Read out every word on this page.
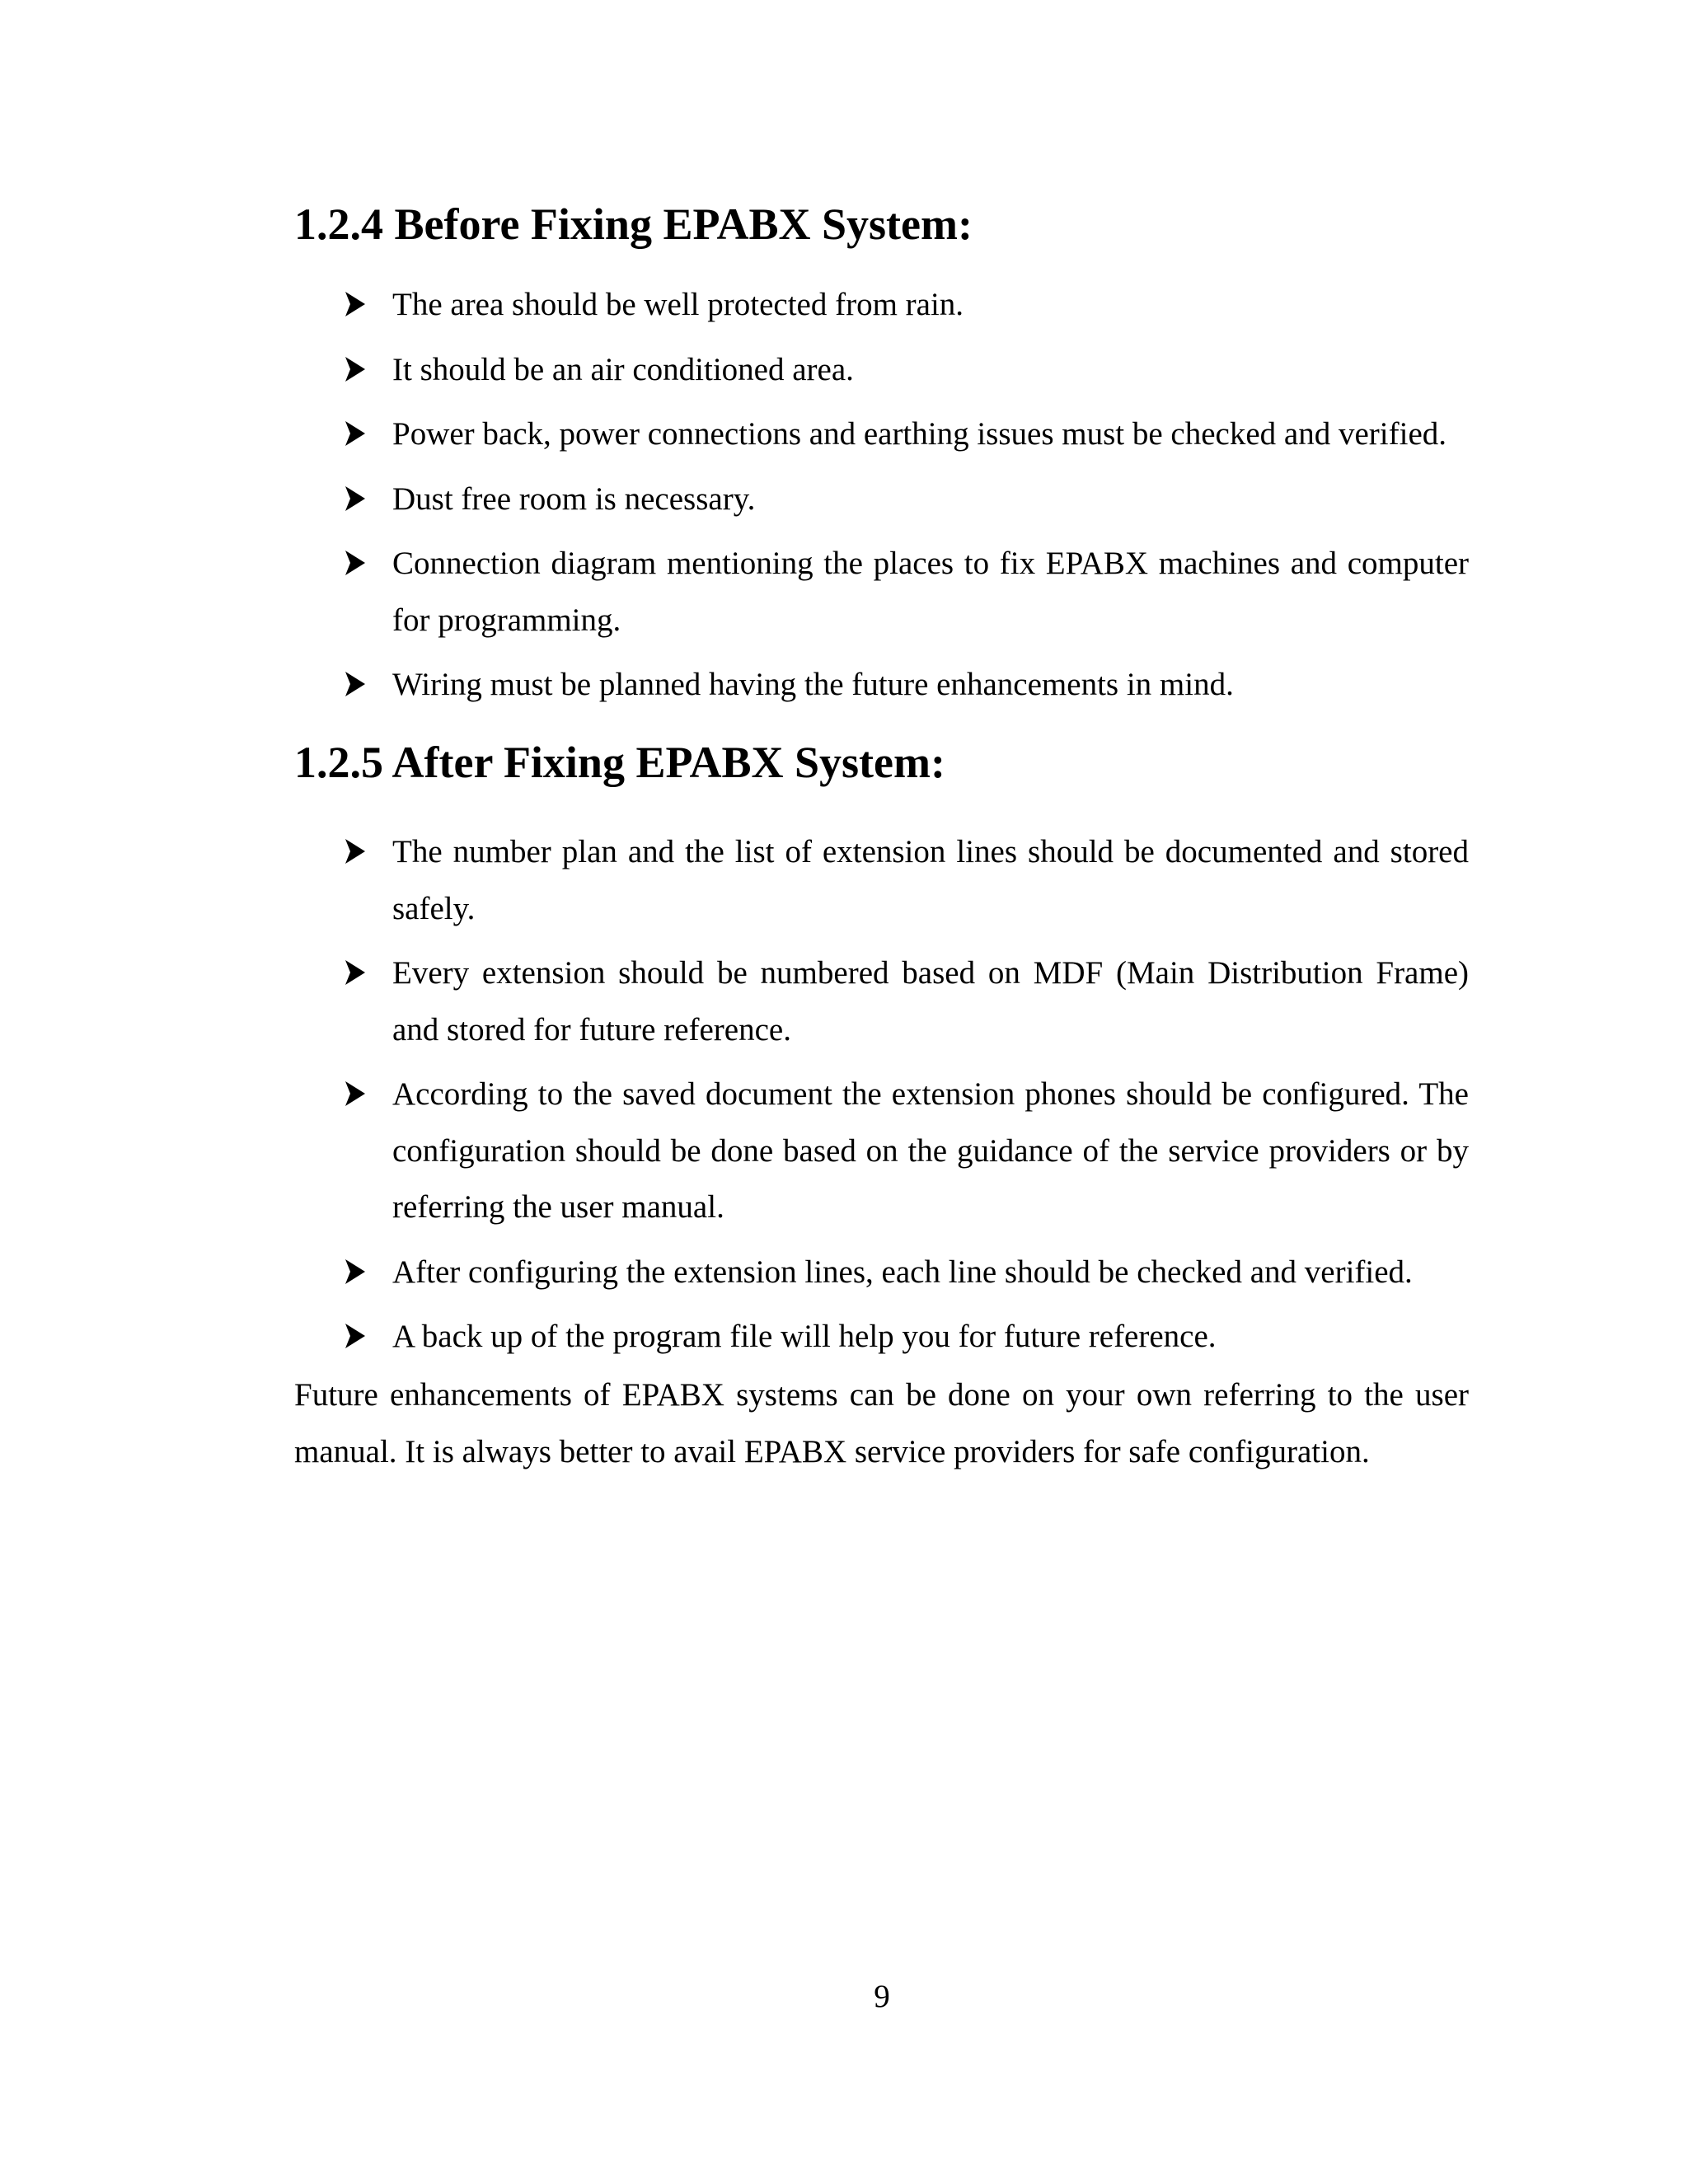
1.2.4 Before Fixing EPABX System:
The area should be well protected from rain.
It should be an air conditioned area.
Power back, power connections and earthing issues must be checked and verified.
Dust free room is necessary.
Connection diagram mentioning the places to fix EPABX machines and computer for programming.
Wiring must be planned having the future enhancements in mind.
1.2.5 After Fixing EPABX System:
The number plan and the list of extension lines should be documented and stored safely.
Every extension should be numbered based on MDF (Main Distribution Frame) and stored for future reference.
According to the saved document the extension phones should be configured. The configuration should be done based on the guidance of the service providers or by referring the user manual.
After configuring the extension lines, each line should be checked and verified.
A back up of the program file will help you for future reference.

Future enhancements of EPABX systems can be done on your own referring to the user manual. It is always better to avail EPABX service providers for safe configuration.

9
